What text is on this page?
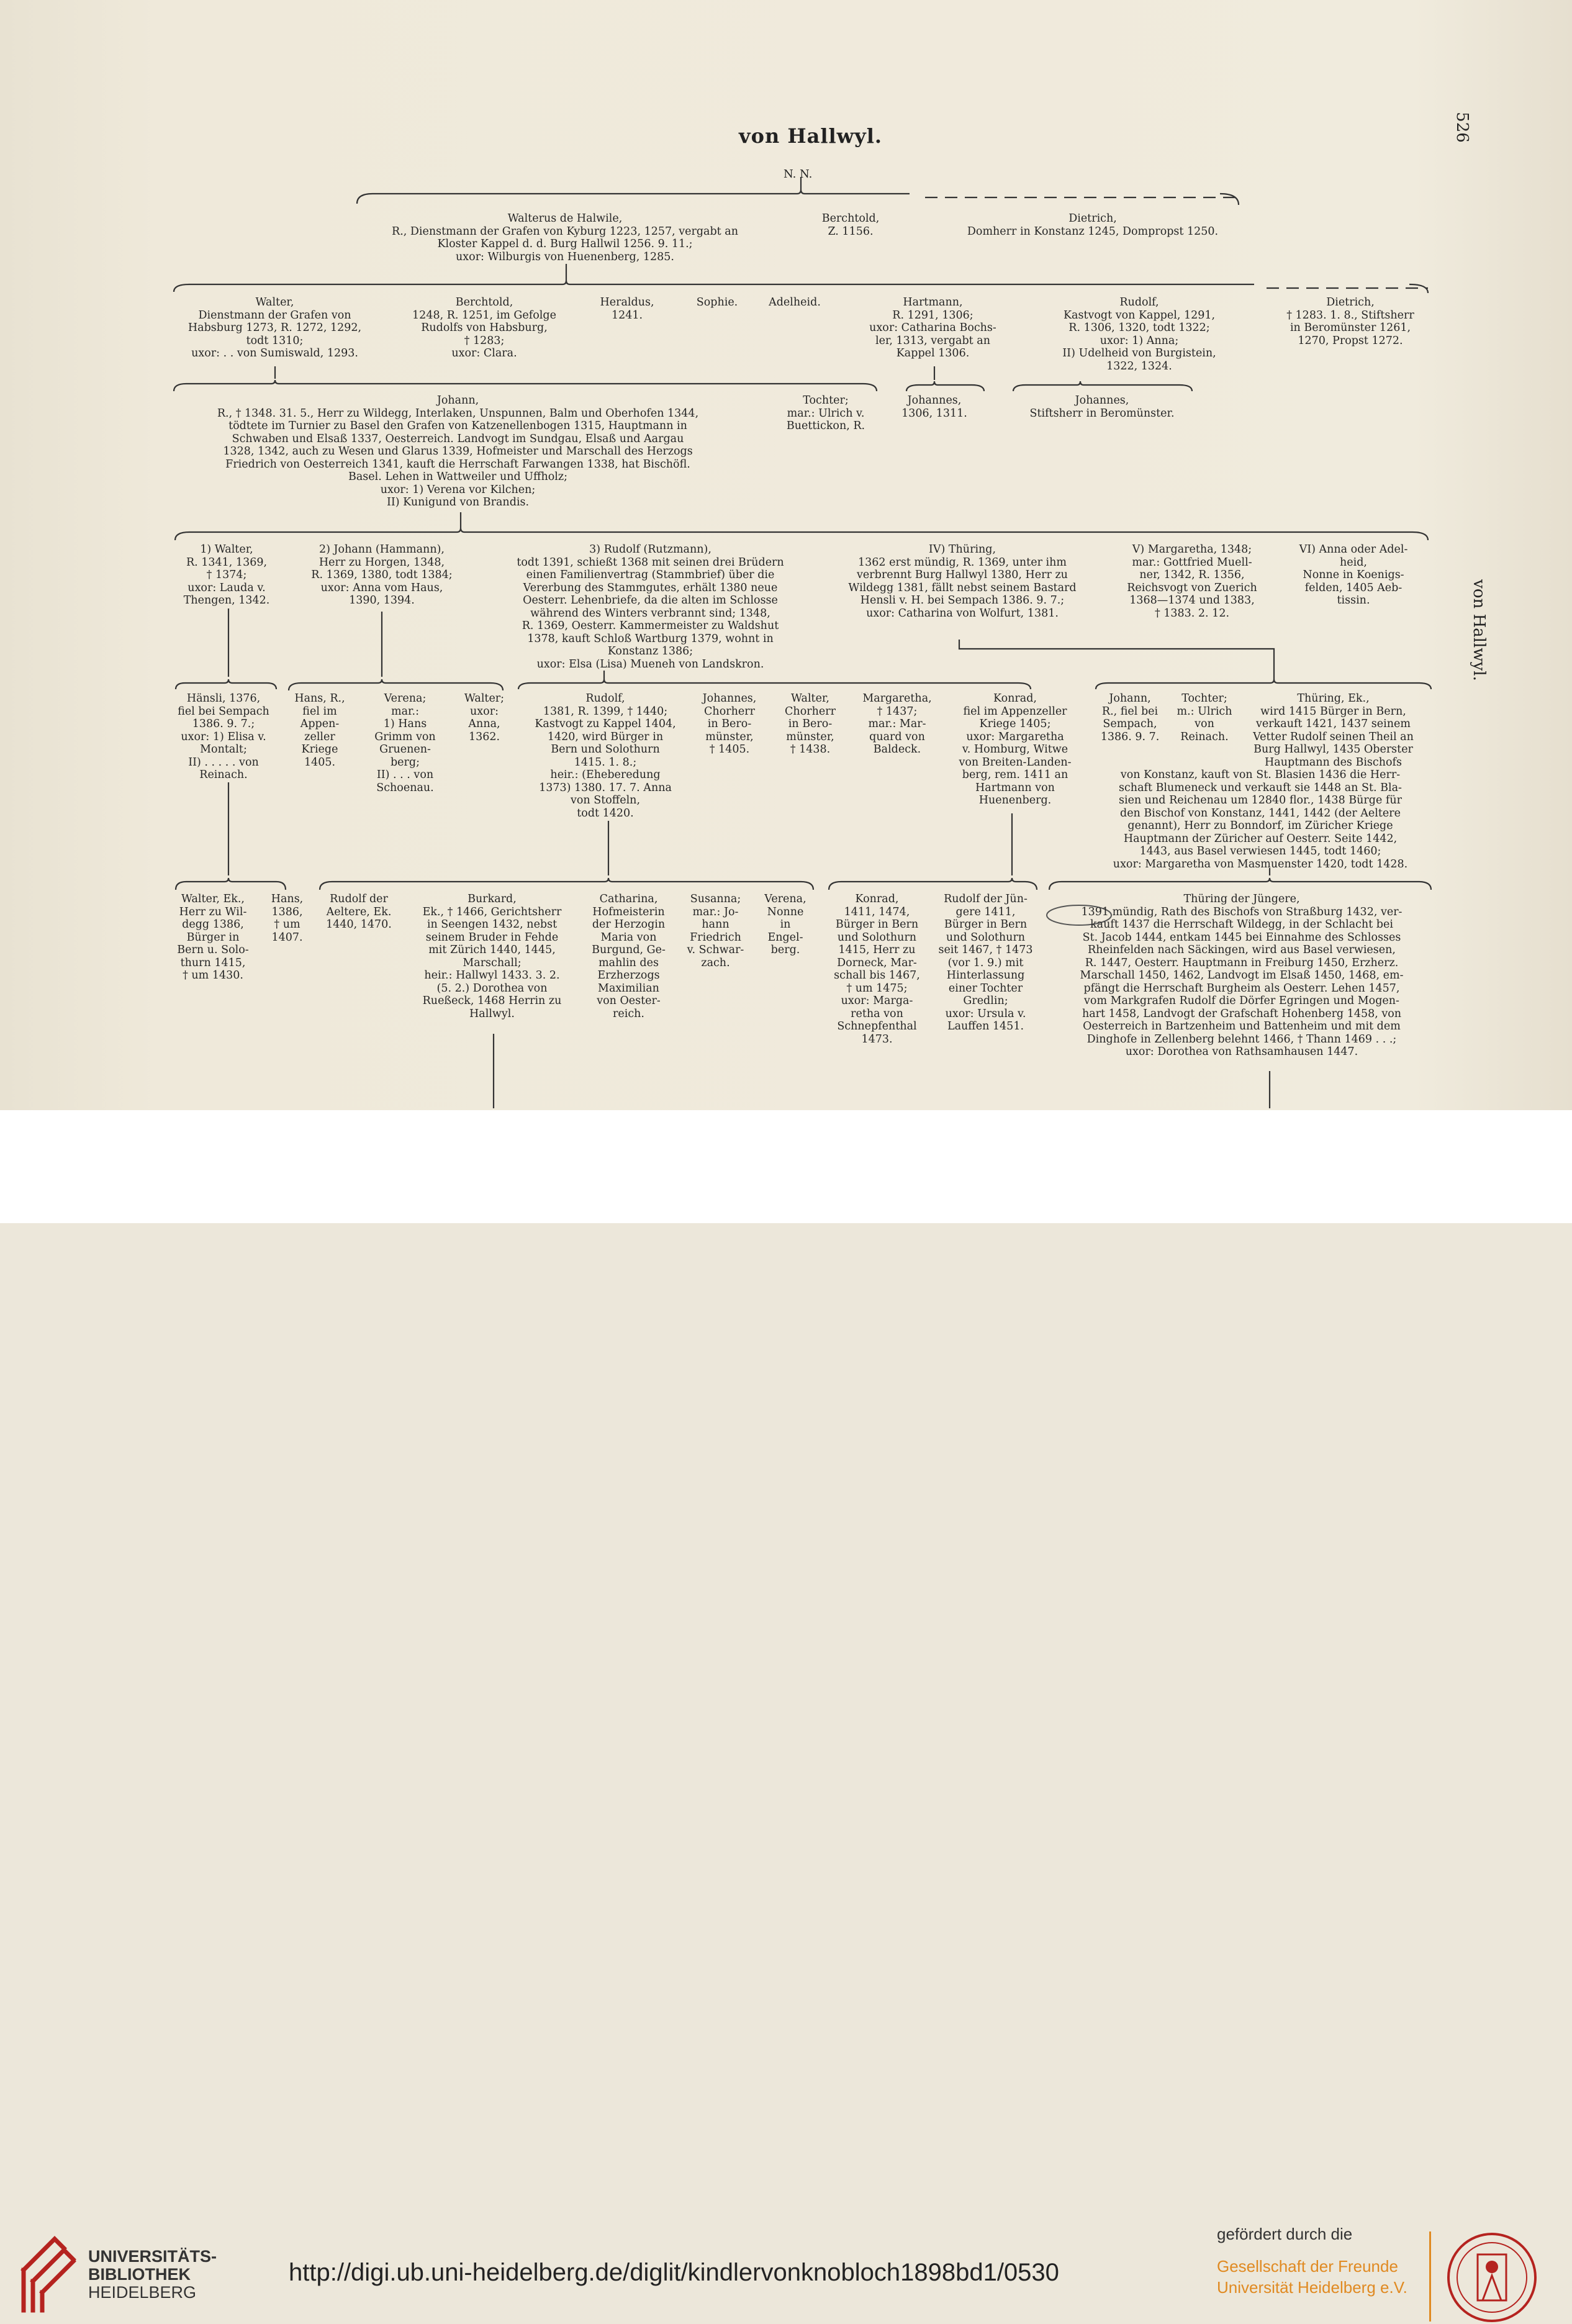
von Hallwyl.	526
von Hallwyl.
N. N.
Walterus de Halwile,
R., Dienstmann der Grafen von Kyburg 1223, 1257, vergabt an
Kloster Kappel d. d. Burg Hallwil 1256. 9. 11.;
uxor: Wilburgis von Huenenberg, 1285.
Berchtold,
Z. 1156.
Dietrich,
Domherr in Konstanz 1245, Dompropst 1250.
Walter,
Dienstmann der Grafen von
Habsburg 1273, R. 1272, 1292,
todt 1310;
uxor: . . von Sumiswald, 1293.
Berchtold,
1248, R. 1251, im Gefolge
Rudolfs von Habsburg,
† 1283;
uxor: Clara.
Heraldus,
1241.
Sophie.	Adelheid.	Hartmann,
R. 1291, 1306;
uxor: Catharina Bochs-
ler, 1313, vergabt an
Kappel 1306.
Rudolf,
Kastvogt von Kappel, 1291,
R. 1306, 1320, todt 1322;
uxor: 1) Anna;
II) Udelheid von Burgistein,
1322, 1324.
Dietrich,
† 1283. 1. 8., Stiftsherr
in Beromünster 1261,
1270, Propst 1272.
Johann,
R., † 1348. 31. 5., Herr zu Wildegg, Interlaken, Unspunnen, Balm und Oberhofen 1344,
tödtete im Turnier zu Basel den Grafen von Katzenellenbogen 1315, Hauptmann in
Schwaben und Elsaß 1337, Oesterreich. Landvogt im Sundgau, Elsaß und Aargau
1328, 1342, auch zu Wesen und Glarus 1339, Hofmeister und Marschall des Herzogs
Friedrich von Oesterreich 1341, kauft die Herrschaft Farwangen 1338, hat Bischöfl.
Basel. Lehen in Wattweiler und Uffholz;
uxor: 1) Verena vor Kilchen;
II) Kunigund von Brandis.
Tochter;
mar.: Ulrich v.
Buettickon, R.
Johannes,
1306, 1311.
Johannes,
Stiftsherr in Beromünster.
1) Walter,
R. 1341, 1369,
† 1374;
uxor: Lauda v.
Thengen, 1342.
2) Johann (Hammann),
Herr zu Horgen, 1348,
R. 1369, 1380, todt 1384;
uxor: Anna vom Haus,
1390, 1394.
3) Rudolf (Rutzmann),
todt 1391, schießt 1368 mit seinen drei Brüdern
einen Familienvertrag (Stammbrief) über die
Vererbung des Stammgutes, erhält 1380 neue
Oesterr. Lehenbriefe, da die alten im Schlosse
während des Winters verbrannt sind; 1348,
R. 1369, Oesterr. Kammermeister zu Waldshut
1378, kauft Schloß Wartburg 1379, wohnt in
Konstanz 1386;
uxor: Elsa (Lisa) Mueneh von Landskron.
IV) Thüring,
1362 erst mündig, R. 1369, unter ihm
verbrennt Burg Hallwyl 1380, Herr zu
Wildegg 1381, fällt nebst seinem Bastard
Hensli v. H. bei Sempach 1386. 9. 7.;
uxor: Catharina von Wolfurt, 1381.
V) Margaretha, 1348;
mar.: Gottfried Muell-
ner, 1342, R. 1356,
Reichsvogt von Zuerich
1368—1374 und 1383,
† 1383. 2. 12.
VI) Anna oder Adel-
heid,
Nonne in Koenigs-
felden, 1405 Aeb-
tissin.
Hänsli, 1376,
fiel bei Sempach
1386. 9. 7.;
uxor: 1) Elisa v.
Montalt;
II) . . . . . von
Reinach.
Hans, R.,
fiel im
Appen-
zeller
Kriege
1405.
Verena;
mar.:
1) Hans
Grimm von
Gruenen-
berg;
II) . . . von
Schoenau.
Walter;
uxor:
Anna,
1362.
Rudolf,
1381, R. 1399, † 1440;
Kastvogt zu Kappel 1404,
1420, wird Bürger in
Bern und Solothurn
1415. 1. 8.;
heir.: (Eheberedung
1373) 1380. 17. 7. Anna
von Stoffeln,
todt 1420.
Johannes,
Chorherr
in Bero-
münster,
† 1405.
Walter,
Chorherr
in Bero-
münster,
† 1438.
Margaretha,
† 1437;
mar.: Mar-
quard von
Baldeck.
Konrad,
fiel im Appenzeller
Kriege 1405;
uxor: Margaretha
v. Homburg, Witwe
von Breiten-Landen-
berg, rem. 1411 an
Hartmann von
Huenenberg.
Johann,
R., fiel bei
Sempach,
1386. 9. 7.
Tochter;
m.: Ulrich
von
Reinach.
Thüring, Ek.,
wird 1415 Bürger in Bern,
verkauft 1421, 1437 seinem
Vetter Rudolf seinen Theil an
Burg Hallwyl, 1435 Oberster
Hauptmann des Bischofs
von Konstanz, kauft von St. Blasien 1436 die Herr-
schaft Blumeneck und verkauft sie 1448 an St. Bla-
sien und Reichenau um 12840 flor., 1438 Bürge für
den Bischof von Konstanz, 1441, 1442 (der Aeltere
genannt), Herr zu Bonndorf, im Züricher Kriege
Hauptmann der Züricher auf Oesterr. Seite 1442,
1443, aus Basel verwiesen 1445, todt 1460;
uxor: Margaretha von Masmuenster 1420, todt 1428.
Walter, Ek.,
Herr zu Wil-
degg 1386,
Bürger in
Bern u. Solo-
thurn 1415,
† um 1430.
Hans,
1386,
† um
1407.
Rudolf der
Aeltere, Ek.
1440, 1470.
Burkard,
Ek., † 1466, Gerichtsherr
in Seengen 1432, nebst
seinem Bruder in Fehde
mit Zürich 1440, 1445,
Marschall;
heir.: Hallwyl 1433. 3. 2.
(5. 2.) Dorothea von
Rueßeck, 1468 Herrin zu
Hallwyl.
Catharina,
Hofmeisterin
der Herzogin
Maria von
Burgund, Ge-
mahlin des
Erzherzogs
Maximilian
von Oester-
reich.
Susanna;
mar.: Jo-
hann
Friedrich
v. Schwar-
zach.
Verena,
Nonne
in
Engel-
berg.
Konrad,
1411, 1474,
Bürger in Bern
und Solothurn
1415, Herr zu
Dorneck, Mar-
schall bis 1467,
† um 1475;
uxor: Marga-
retha von
Schnepfenthal
1473.
Rudolf der Jün-
gere 1411,
Bürger in Bern
und Solothurn
seit 1467, † 1473
(vor 1. 9.) mit
Hinterlassung
einer Tochter
Gredlin;
uxor: Ursula v.
Lauffen 1451.
Thüring der Jüngere,
1391 mündig, Rath des Bischofs von Straßburg 1432, ver-
kauft 1437 die Herrschaft Wildegg, in der Schlacht bei
St. Jacob 1444, entkam 1445 bei Einnahme des Schlosses
Rheinfelden nach Säckingen, wird aus Basel verwiesen,
R. 1447, Oesterr. Hauptmann in Freiburg 1450, Erzherz.
Marschall 1450, 1462, Landvogt im Elsaß 1450, 1468, em-
pfängt die Herrschaft Burgheim als Oesterr. Lehen 1457,
vom Markgrafen Rudolf die Dörfer Egringen und Mogen-
hart 1458, Landvogt der Grafschaft Hohenberg 1458, von
Oesterreich in Bartzenheim und Battenheim und mit dem
Dinghofe in Zellenberg belehnt 1466, † Thann 1469 . . .;
uxor: Dorothea von Rathsamhausen 1447.
UNIVERSITÄTS-
BIBLIOTHEK
HEIDELBERG
http://digi.ub.uni-heidelberg.de/diglit/kindlervonknobloch1898bd1/0530
gefördert durch die
Gesellschaft der Freunde
Universität Heidelberg e.V.
